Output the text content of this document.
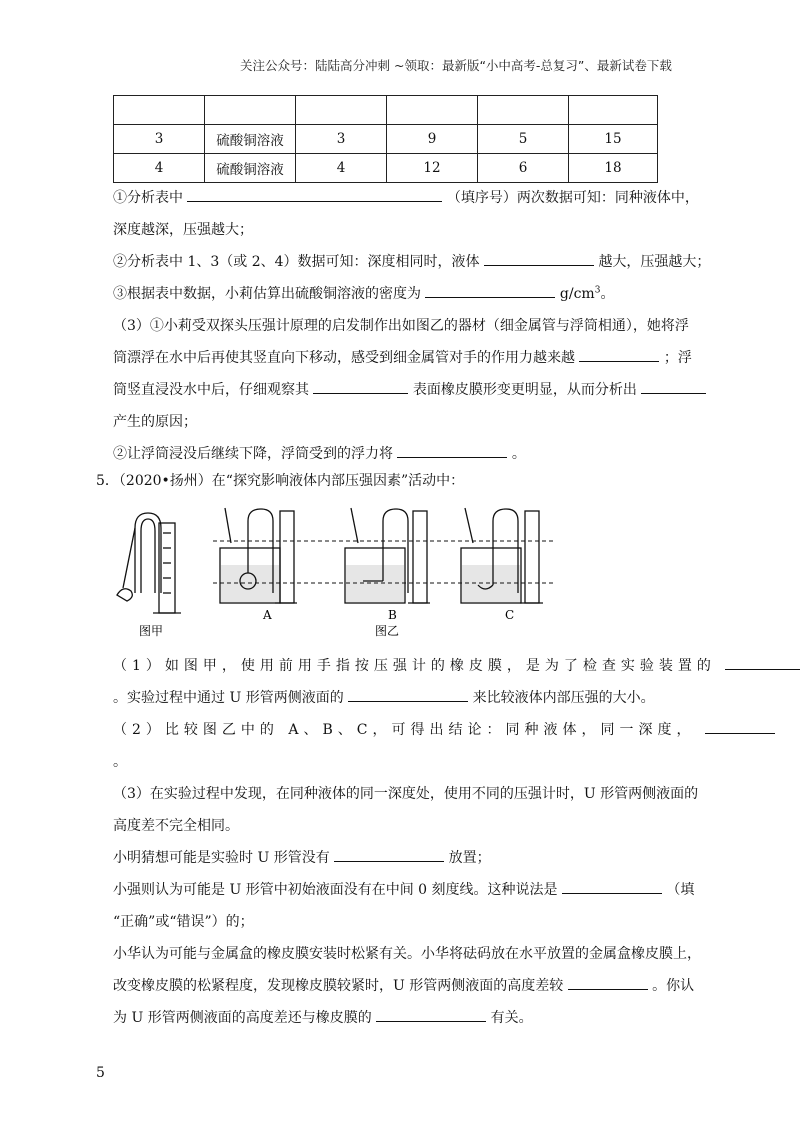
关注公众号：陆陆高分冲刺 ~领取：最新版“小中高考-总复习”、最新试卷下载

3	硫酸铜溶液	3	9	5	15
4	硫酸铜溶液	4	12	6	18
①分析表中	（填序号）两次数据可知：同种液体中，
深度越深，压强越大；
②分析表中 1、3（或 2、4）数据可知：深度相同时，液体	越大，压强越大；
③根据表中数据，小莉估算出硫酸铜溶液的密度为	$g/cm^3$。
（3）①小莉受双探头压强计原理的启发制作出如图乙的器材（细金属管与浮筒相通），她将浮
筒漂浮在水中后再使其竖直向下移动，感受到细金属管对手的作用力越来越	；浮
筒竖直浸没水中后，仔细观察其	表面橡皮膜形变更明显，从而分析出
产生的原因；
②让浮筒浸没后继续下降，浮筒受到的浮力将	。
5．（2020•扬州）在“探究影响液体内部压强因素”活动中：
图甲
A	B	C
图乙
（1）如图甲，使用前用手指按压强计的橡皮膜，是为了检查实验装置的
。实验过程中通过 U 形管两侧液面的	来比较液体内部压强的大小。
（2）比较图乙中的 A、B、C，可得出结论：同种液体，同一深度，
。
（3）在实验过程中发现，在同种液体的同一深度处，使用不同的压强计时，U 形管两侧液面的
高度差不完全相同。
小明猜想可能是实验时 U 形管没有	放置；
小强则认为可能是 U 形管中初始液面没有在中间 0 刻度线。这种说法是	（填
“正确”或“错误”）的；
小华认为可能与金属盒的橡皮膜安装时松紧有关。小华将砝码放在水平放置的金属盒橡皮膜上，
改变橡皮膜的松紧程度，发现橡皮膜较紧时，U 形管两侧液面的高度差较	。你认
为 U 形管两侧液面的高度差还与橡皮膜的	有关。
5
